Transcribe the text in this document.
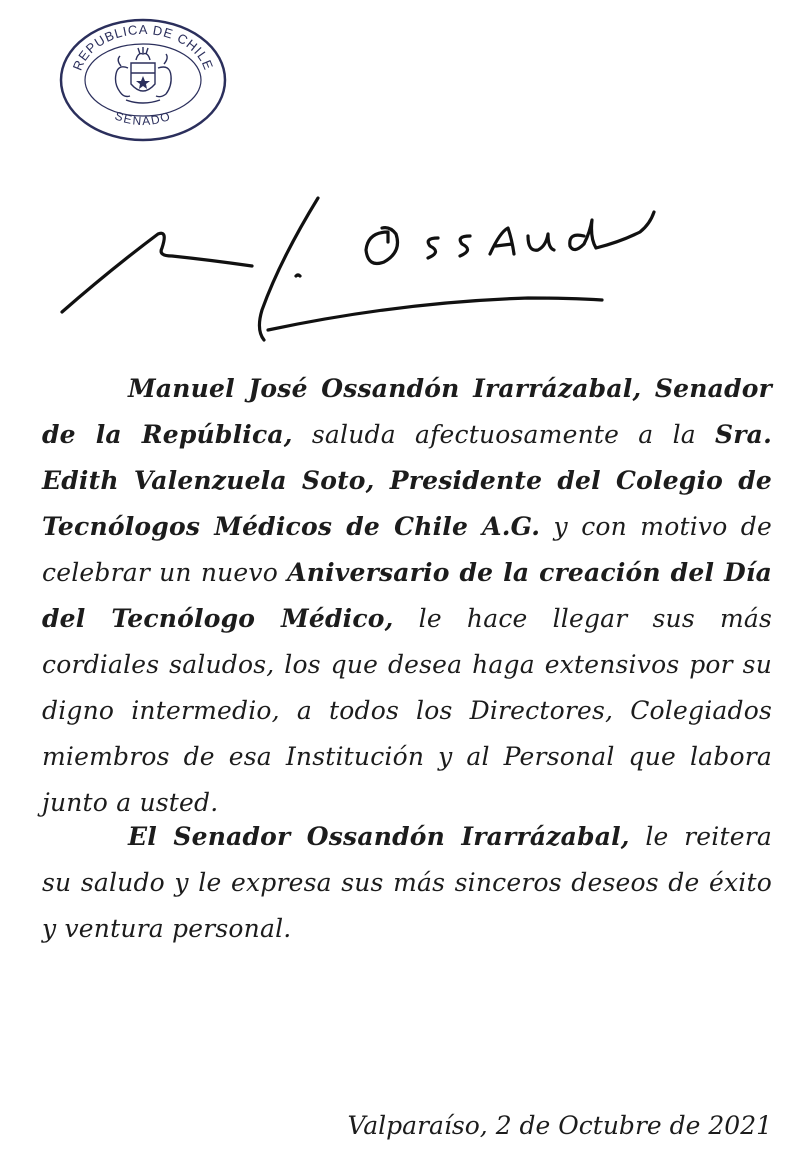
REPUBLICA DE CHILE
SENADO

Manuel José Ossandón Irarrázabal, Senador de la República, saluda afectuosamente a la Sra. Edith Valenzuela Soto, Presidente del Colegio de Tecnólogos Médicos de Chile A.G. y con motivo de celebrar un nuevo Aniversario de la creación del Día del Tecnólogo Médico, le hace llegar sus más cordiales saludos, los que desea haga extensivos por su digno intermedio, a todos los Directores, Colegiados miembros de esa Institución y al Personal que labora junto a usted.

El Senador Ossandón Irarrázabal, le reitera su saludo y le expresa sus más sinceros deseos de éxito y ventura personal.

Valparaíso, 2 de Octubre de 2021
